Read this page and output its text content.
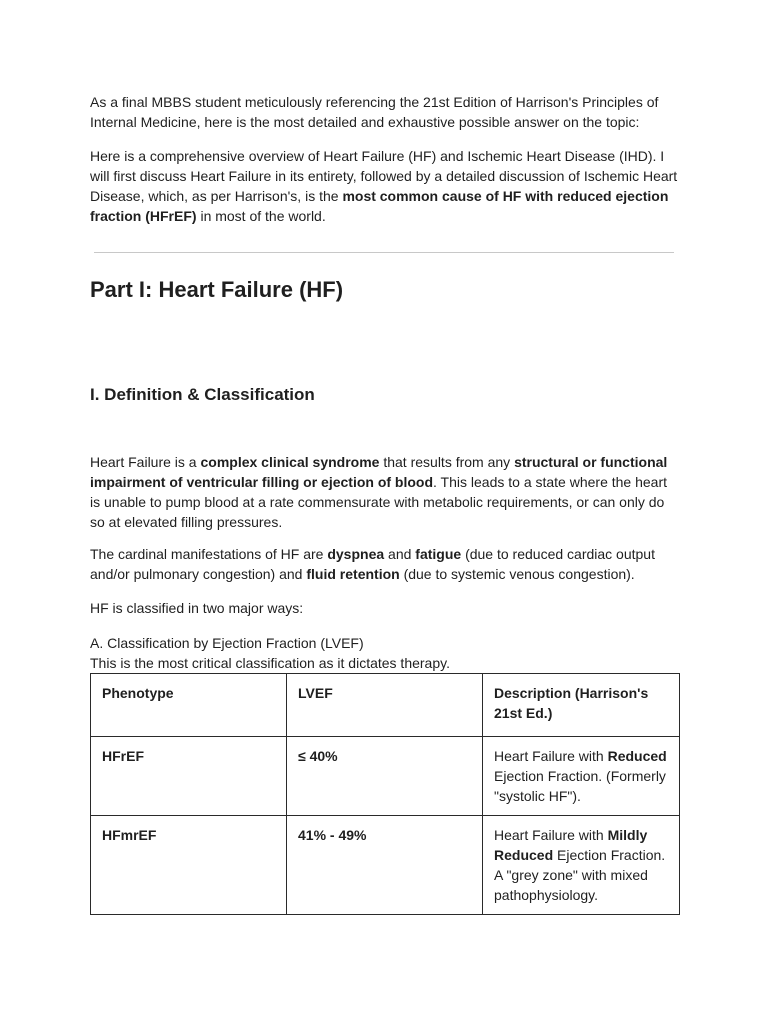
As a final MBBS student meticulously referencing the 21st Edition of Harrison's Principles of Internal Medicine, here is the most detailed and exhaustive possible answer on the topic:

Here is a comprehensive overview of Heart Failure (HF) and Ischemic Heart Disease (IHD). I will first discuss Heart Failure in its entirety, followed by a detailed discussion of Ischemic Heart Disease, which, as per Harrison's, is the most common cause of HF with reduced ejection fraction (HFrEF) in most of the world.

Part I: Heart Failure (HF)
I. Definition & Classification

Heart Failure is a complex clinical syndrome that results from any structural or functional impairment of ventricular filling or ejection of blood. This leads to a state where the heart is unable to pump blood at a rate commensurate with metabolic requirements, or can only do so at elevated filling pressures.

The cardinal manifestations of HF are dyspnea and fatigue (due to reduced cardiac output and/or pulmonary congestion) and fluid retention (due to systemic venous congestion).

HF is classified in two major ways:

A. Classification by Ejection Fraction (LVEF)

This is the most critical classification as it dictates therapy.

Phenotype	LVEF	Description (Harrison's 21st Ed.)
HFrEF	≤ 40%	Heart Failure with Reduced Ejection Fraction. (Formerly "systolic HF").
HFmrEF	41% - 49%	Heart Failure with Mildly Reduced Ejection Fraction. A "grey zone" with mixed pathophysiology.
